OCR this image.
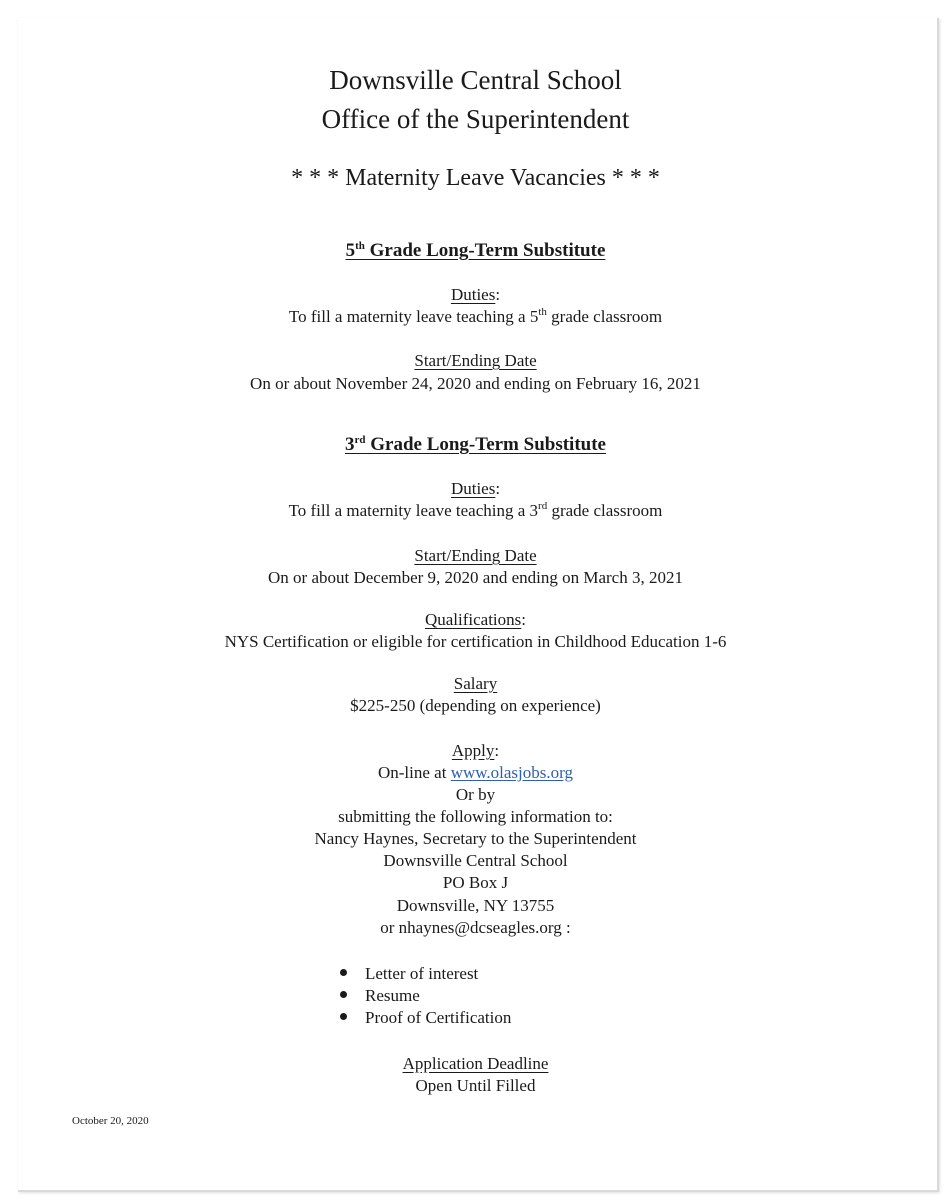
Downsville Central School
Office of the Superintendent
* * * Maternity Leave Vacancies * * *
5th Grade Long-Term Substitute
Duties:
To fill a maternity leave teaching a 5th grade classroom
Start/Ending Date
On or about November 24, 2020 and ending on February 16, 2021
3rd Grade Long-Term Substitute
Duties:
To fill a maternity leave teaching a 3rd grade classroom
Start/Ending Date
On or about December 9, 2020 and ending on March 3, 2021
Qualifications:
NYS Certification or eligible for certification in Childhood Education 1-6
Salary
$225-250 (depending on experience)
Apply:
On-line at www.olasjobs.org
Or by
submitting the following information to:
Nancy Haynes, Secretary to the Superintendent
Downsville Central School
PO Box J
Downsville, NY 13755
or nhaynes@dcseagles.org :
Letter of interest
Resume
Proof of Certification
Application Deadline
Open Until Filled
October 20, 2020
